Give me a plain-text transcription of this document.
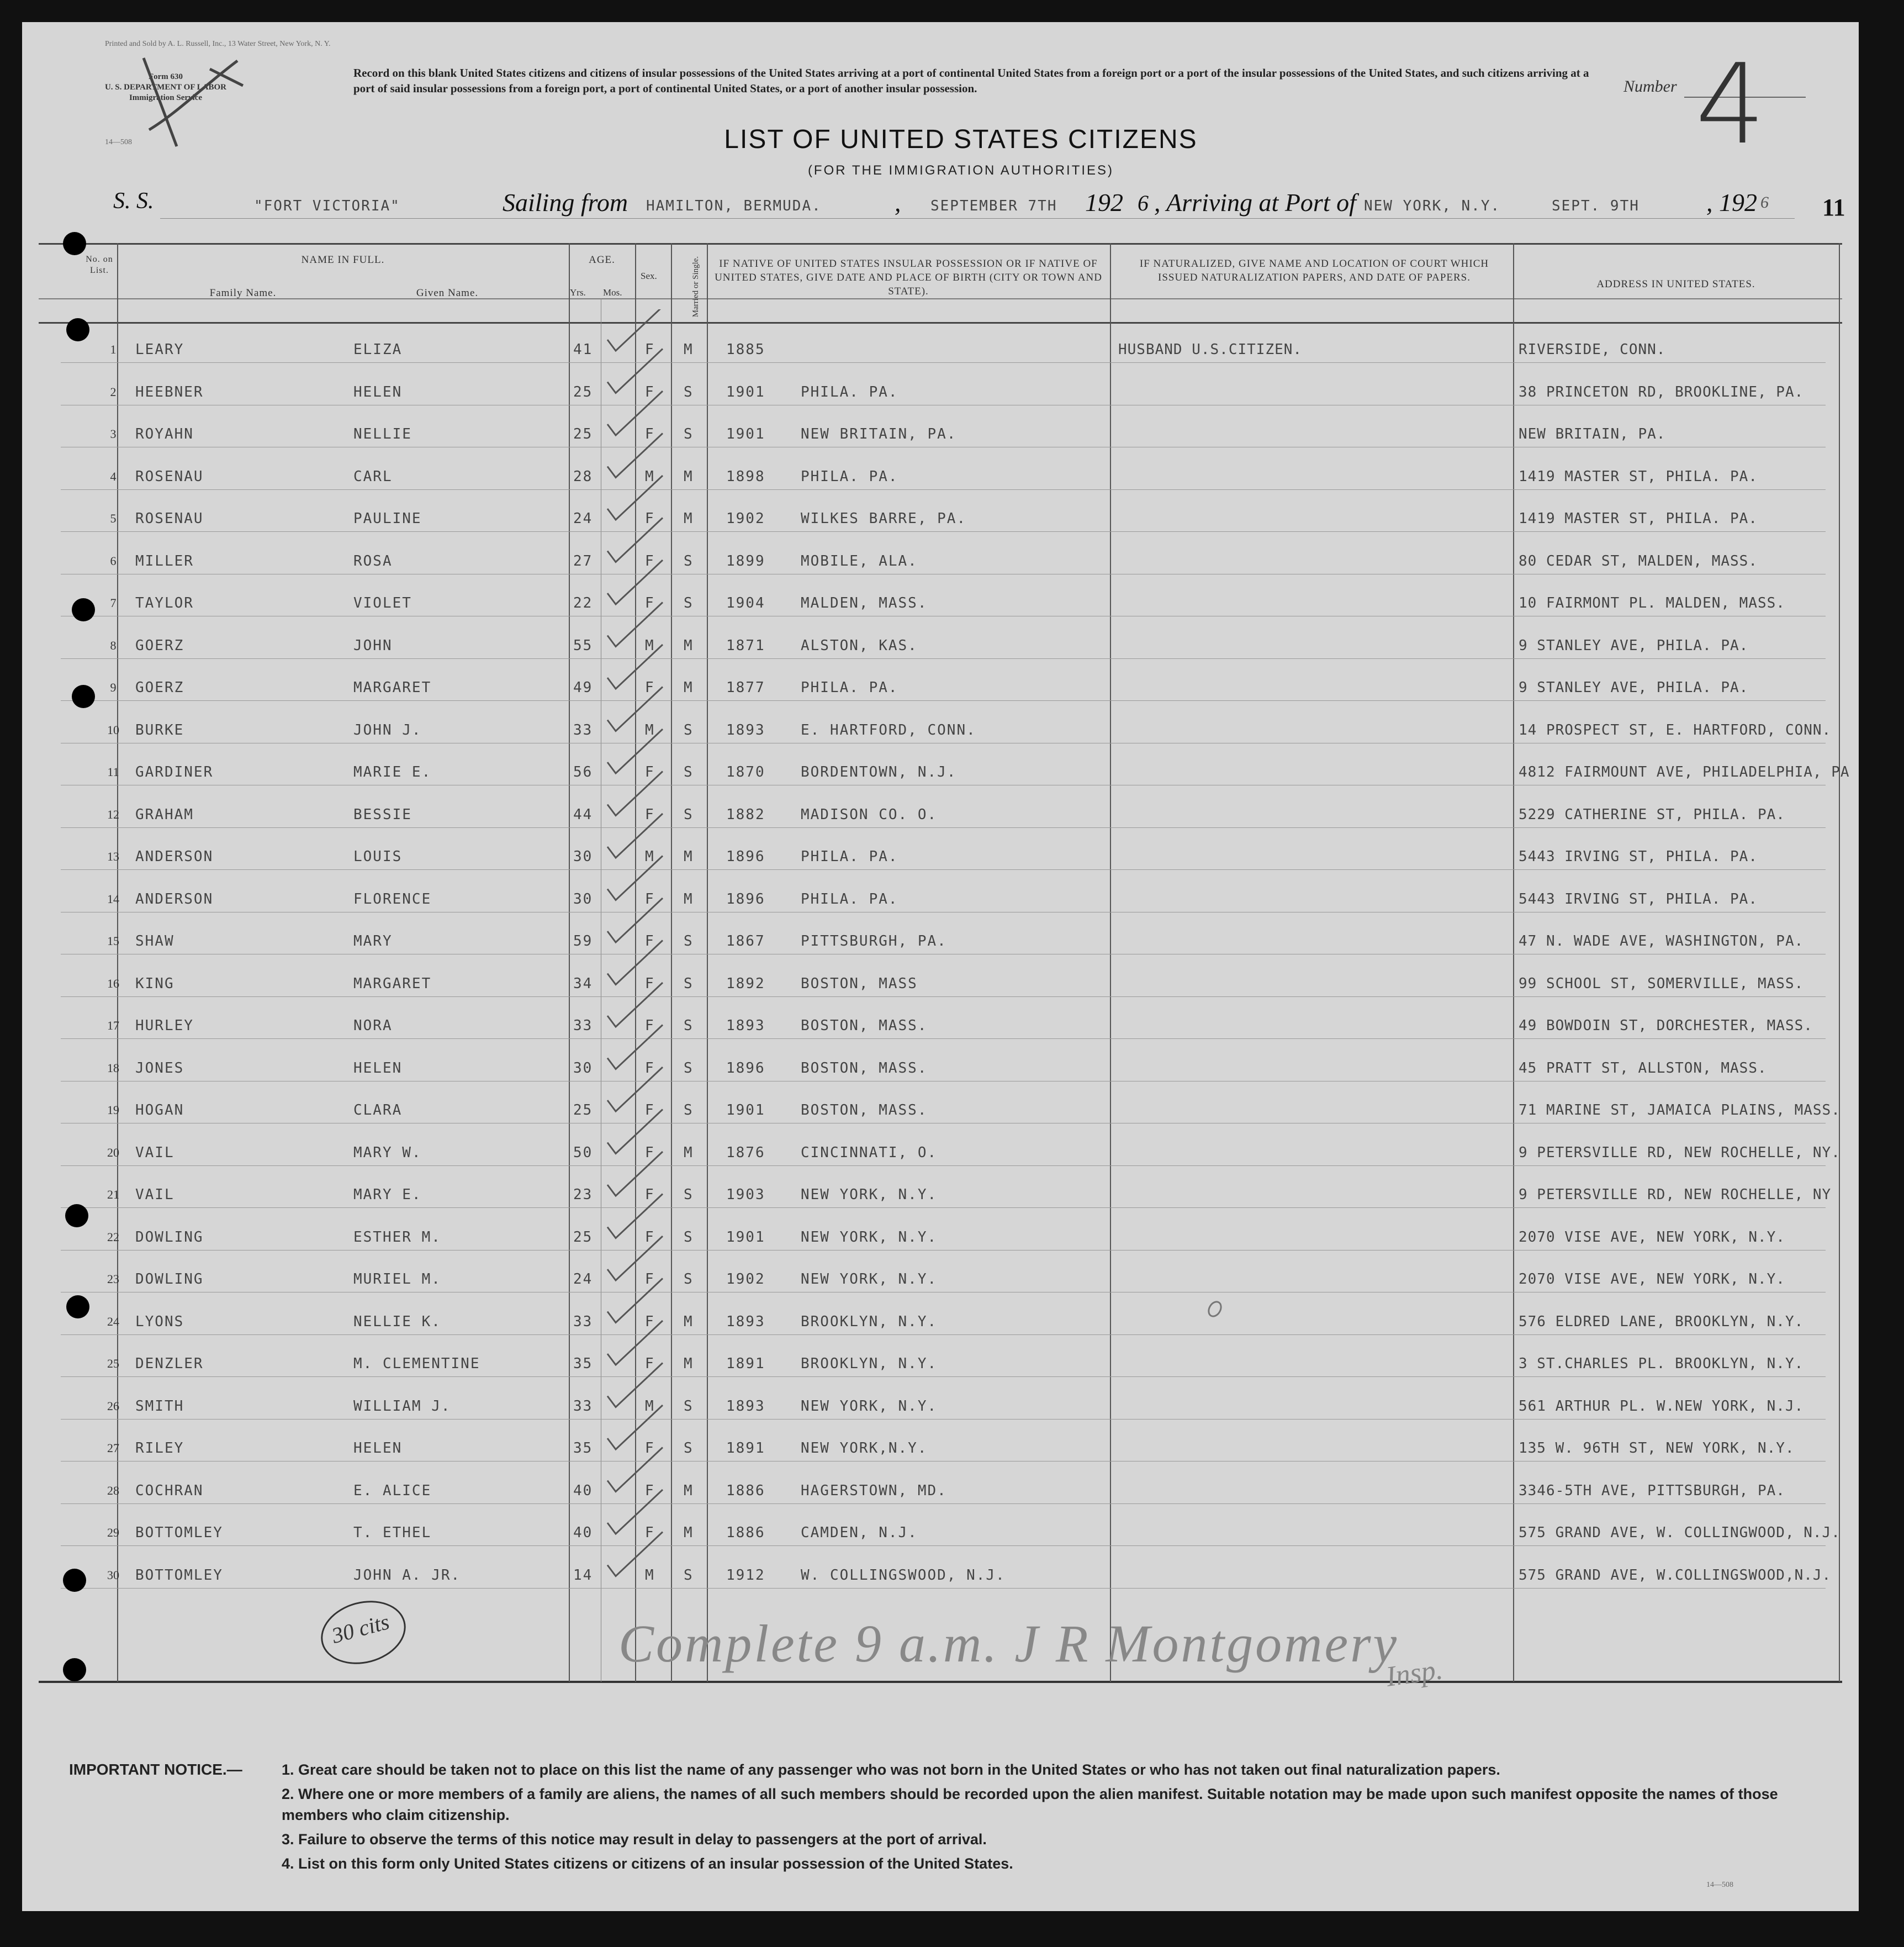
Printed and Sold by A. L. Russell, Inc., 13 Water Street, New York, N. Y.
Form 630
U. S. DEPARTMENT OF LABOR
Immigration Service
14—508
Record on this blank United States citizens and citizens of insular possessions of the United States arriving at a port of continental United States from a foreign port or a port of the insular possessions of the United States, and such citizens arriving at a port of said insular possessions from a foreign port, a port of continental United States, or a port of another insular possession.	Number 4
LIST OF UNITED STATES CITIZENS
(FOR THE IMMIGRATION AUTHORITIES)
S. S.	"FORT VICTORIA"	Sailing from HAMILTON, BERMUDA.	, SEPTEMBER 7TH 192 6 , Arriving at Port of NEW YORK, N.Y.	SEPT. 9TH	, 192 6 11
No. on List.
NAME IN FULL.
Family Name.	Given Name.
AGE.
Yrs. Mos.
Sex.	Married or Single.	IF NATIVE OF UNITED STATES INSULAR POSSESSION OR IF NATIVE OF UNITED STATES, GIVE DATE AND PLACE OF BIRTH (CITY OR TOWN AND STATE).
IF NATURALIZED, GIVE NAME AND LOCATION OF COURT WHICH ISSUED NATURALIZATION PAPERS, AND DATE OF PAPERS.
ADDRESS IN UNITED STATES.
1	LEARY	ELIZA	41	F M 1885	HUSBAND U.S.CITIZEN.	RIVERSIDE, CONN.
2	HEEBNER	HELEN	25	F S 1901 PHILA. PA.	38 PRINCETON RD, BROOKLINE, PA.
3	ROYAHN	NELLIE	25	F S 1901 NEW BRITAIN, PA.	NEW BRITAIN, PA.
4	ROSENAU	CARL	28	M M 1898 PHILA. PA.	1419 MASTER ST, PHILA. PA.
5	ROSENAU	PAULINE	24	F M 1902 WILKES BARRE, PA.	1419 MASTER ST, PHILA. PA.
6	MILLER	ROSA	27	F S 1899 MOBILE, ALA.	80 CEDAR ST, MALDEN, MASS.
7	TAYLOR	VIOLET	22	F S 1904 MALDEN, MASS.	10 FAIRMONT PL. MALDEN, MASS.
8	GOERZ	JOHN	55	M M 1871 ALSTON, KAS.	9 STANLEY AVE, PHILA. PA.
9	GOERZ	MARGARET	49	F M 1877 PHILA. PA.	9 STANLEY AVE, PHILA. PA.
10	BURKE	JOHN J.	33	M S 1893 E. HARTFORD, CONN.	14 PROSPECT ST, E. HARTFORD, CONN.
11	GARDINER	MARIE E.	56	F S 1870 BORDENTOWN, N.J.	4812 FAIRMOUNT AVE, PHILADELPHIA, PA
12	GRAHAM	BESSIE	44	F S 1882 MADISON CO. O.	5229 CATHERINE ST, PHILA. PA.
13	ANDERSON	LOUIS	30	M M 1896 PHILA. PA.	5443 IRVING ST, PHILA. PA.
14	ANDERSON	FLORENCE	30	F M 1896 PHILA. PA.	5443 IRVING ST, PHILA. PA.
15	SHAW	MARY	59	F S 1867 PITTSBURGH, PA.	47 N. WADE AVE, WASHINGTON, PA.
16	KING	MARGARET	34	F S 1892 BOSTON, MASS	99 SCHOOL ST, SOMERVILLE, MASS.
17	HURLEY	NORA	33	F S 1893 BOSTON, MASS.	49 BOWDOIN ST, DORCHESTER, MASS.
18	JONES	HELEN	30	F S 1896 BOSTON, MASS.	45 PRATT ST, ALLSTON, MASS.
19	HOGAN	CLARA	25	F S 1901 BOSTON, MASS.	71 MARINE ST, JAMAICA PLAINS, MASS.
20	VAIL	MARY W.	50	F M 1876 CINCINNATI, O.	9 PETERSVILLE RD, NEW ROCHELLE, NY.
21	VAIL	MARY E.	23	F S 1903 NEW YORK, N.Y.	9 PETERSVILLE RD, NEW ROCHELLE, NY
22	DOWLING	ESTHER M.	25	F S 1901 NEW YORK, N.Y.	2070 VISE AVE, NEW YORK, N.Y.
23	DOWLING	MURIEL M.	24	F S 1902 NEW YORK, N.Y.	2070 VISE AVE, NEW YORK, N.Y.
24	LYONS	NELLIE K.	33	F M 1893 BROOKLYN, N.Y.	576 ELDRED LANE, BROOKLYN, N.Y.
25	DENZLER	M. CLEMENTINE	35	F M 1891 BROOKLYN, N.Y.	3 ST.CHARLES PL. BROOKLYN, N.Y.
26	SMITH	WILLIAM J.	33	M S 1893 NEW YORK, N.Y.	561 ARTHUR PL. W.NEW YORK, N.J.
27	RILEY	HELEN	35	F S 1891 NEW YORK,N.Y.	135 W. 96TH ST, NEW YORK, N.Y.
28	COCHRAN	E. ALICE	40	F M 1886 HAGERSTOWN, MD.	3346-5TH AVE, PITTSBURGH, PA.
29	BOTTOMLEY	T. ETHEL	40	F M 1886 CAMDEN, N.J.	575 GRAND AVE, W. COLLINGWOOD, N.J.
30	BOTTOMLEY	JOHN A. JR.	14	M S 1912 W. COLLINGSWOOD, N.J.	575 GRAND AVE, W.COLLINGSWOOD,N.J.
30 cits	Complete 9 a.m. J R Montgomery
Insp.
IMPORTANT NOTICE.—	1. Great care should be taken not to place on this list the name of any passenger who was not born in the United States or who has not taken out final naturalization papers.
2. Where one or more members of a family are aliens, the names of all such members should be recorded upon the alien manifest. Suitable notation may be made upon such manifest opposite the names of those members who claim citizenship.
3. Failure to observe the terms of this notice may result in delay to passengers at the port of arrival.
4. List on this form only United States citizens or citizens of an insular possession of the United States.
14—508
